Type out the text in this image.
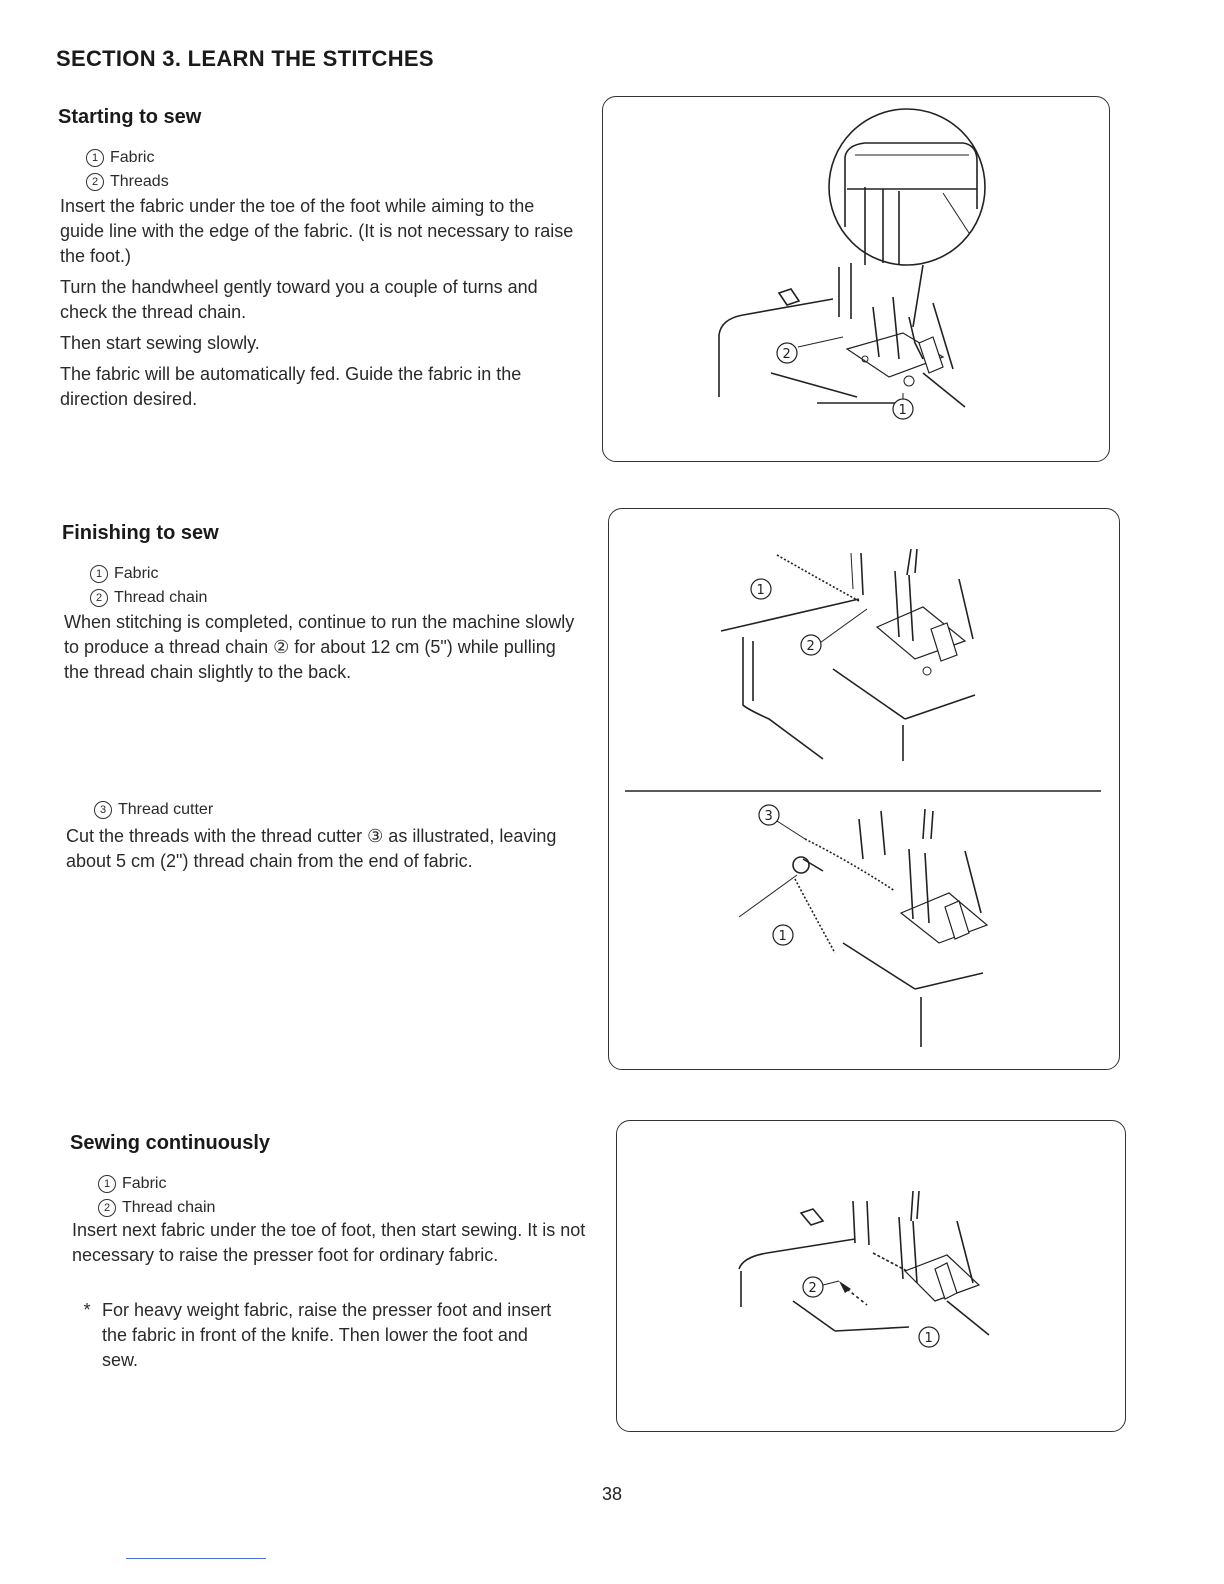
SECTION 3. LEARN THE STITCHES
Starting to sew
1 Fabric
2 Threads

Insert the fabric under the toe of the foot while aiming to the guide line with the edge of the fabric. (It is not necessary to raise the foot.)

Turn the handwheel gently toward you a couple of turns and check the thread chain.

Then start sewing slowly.

The fabric will be automatically fed. Guide the fabric in the direction desired.

2
1
Finishing to sew
1 Fabric
2 Thread chain
When stitching is completed, continue to run the machine slowly to produce a thread chain ② for about 12 cm (5") while pulling the thread chain slightly to the back.
3 Thread cutter
Cut the threads with the thread cutter ③ as illustrated, leaving about 5 cm (2") thread chain from the end of fabric.
1
2
3
1
Sewing continuously
1 Fabric
2 Thread chain
Insert next fabric under the toe of foot, then start sewing. It is not necessary to raise the presser foot for ordinary fabric.
* For heavy weight fabric, raise the presser foot and insert the fabric in front of the knife. Then lower the foot and sew.
2
1
38
